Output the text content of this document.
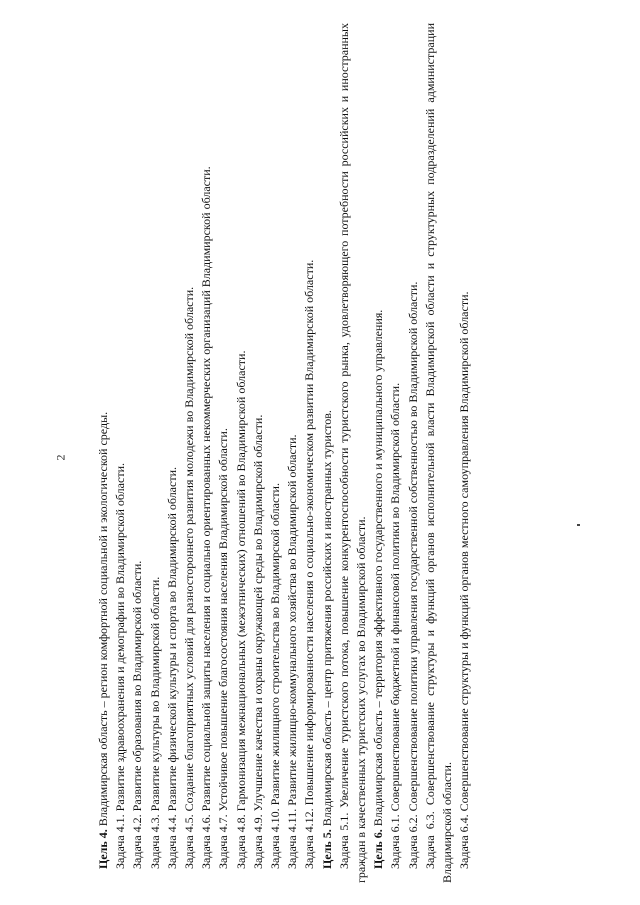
2

Цель 4. Владимирская область – регион комфортной социальной и экологической среды. Задача 4.1. Развитие здравоохранения и демографии во Владимирской области. Задача 4.2. Развитие образования во Владимирской области. Задача 4.3. Развитие культуры во Владимирской области. Задача 4.4. Развитие физической культуры и спорта во Владимирской области. Задача 4.5. Создание благоприятных условий для разностороннего развития молодежи во Владимирской области. Задача 4.6. Развитие социальной защиты населения и социально ориентированных некоммерческих организаций Владимирской области. Задача 4.7. Устойчивое повышение благосостояния населения Владимирской области. Задача 4.8. Гармонизация межнациональных (межэтнических) отношений во Владимирской области. Задача 4.9. Улучшение качества и охраны окружающей среды во Владимирской области. Задача 4.10. Развитие жилищного строительства во Владимирской области. Задача 4.11. Развитие жилищно-коммунального хозяйства во Владимирской области. Задача 4.12. Повышение информированности населения о социально-экономическом развитии Владимирской области. Цель 5. Владимирская область – центр притяжения российских и иностранных туристов. Задача 5.1. Увеличение туристского потока, повышение конкурентоспособности туристского рынка, удовлетворяющего потребности российских и иностранных граждан в качественных туристских услугах во Владимирской области. Цель 6. Владимирская область – территория эффективного государственного и муниципального управления. Задача 6.1. Совершенствование бюджетной и финансовой политики во Владимирской области. Задача 6.2. Совершенствование политики управления государственной собственностью во Владимирской области. Задача 6.3. Совершенствование структуры и функций органов исполнительной власти Владимирской области и структурных подразделений администрации Владимирской области. Задача 6.4. Совершенствование структуры и функций органов местного самоуправления Владимирской области.
